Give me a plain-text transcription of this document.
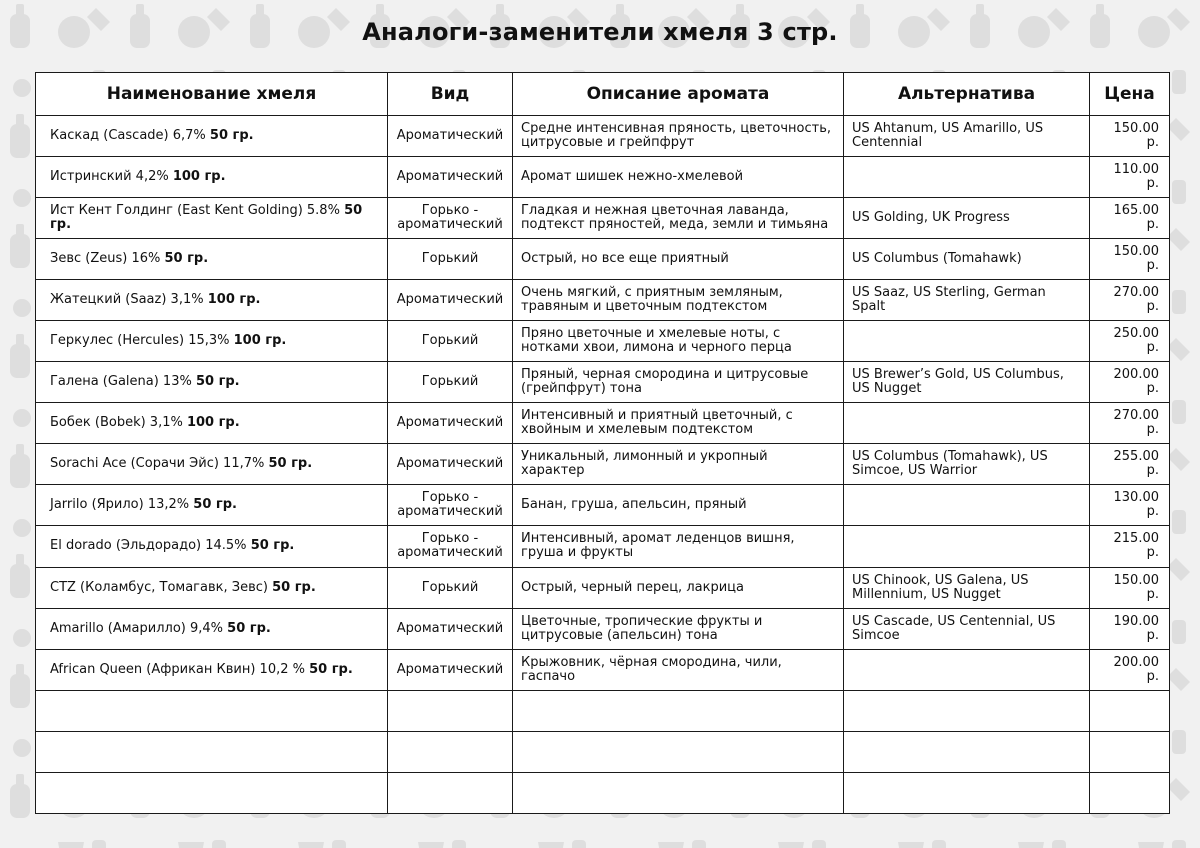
Аналоги-заменители хмеля 3 стр.
Наименование хмеля	Вид	Описание аромата	Альтернатива	Цена
Каскад (Cascade) 6,7% 50 гр.	Ароматический	Средне интенсивная пряность, цветочность, цитрусовые и грейпфрут	US Ahtanum, US Amarillo, US Centennial	150.00 р.
Истринский 4,2% 100 гр.	Ароматический	Аромат шишек нежно-хмелевой		110.00 р.
Ист Кент Голдинг (East Kent Golding) 5.8% 50 гр.	Горько - ароматический	Гладкая и нежная цветочная лаванда, подтекст пряностей, меда, земли и тимьяна	US Golding, UK Progress	165.00 р.
Зевс (Zeus) 16% 50 гр.	Горький	Острый, но все еще приятный	US Columbus (Tomahawk)	150.00 р.
Жатецкий (Saaz) 3,1% 100 гр.	Ароматический	Очень мягкий, с приятным земляным, травяным и цветочным подтекстом	US Saaz, US Sterling, German Spalt	270.00 р.
Геркулес (Hercules) 15,3% 100 гр.	Горький	Пряно цветочные и хмелевые ноты, с нотками хвои, лимона и черного перца		250.00 р.
Галена (Galena) 13% 50 гр.	Горький	Пряный, черная смородина и цитрусовые (грейпфрут) тона	US Brewer’s Gold, US Columbus, US Nugget	200.00 р.
Бобек (Bobek) 3,1% 100 гр.	Ароматический	Интенсивный и приятный цветочный, с хвойным и хмелевым подтекстом		270.00 р.
Sorachi Ace (Сорачи Эйс) 11,7% 50 гр.	Ароматический	Уникальный, лимонный и укропный характер	US Columbus (Tomahawk), US Simcoe, US Warrior	255.00 р.
Jarrilo (Ярило) 13,2% 50 гр.	Горько - ароматический	Банан, груша, апельсин, пряный		130.00 р.
El dorado (Эльдорадо) 14.5% 50 гр.	Горько - ароматический	Интенсивный, аромат леденцов вишня, груша и фрукты		215.00 р.
CTZ (Коламбус, Томагавк, Зевс) 50 гр.	Горький	Острый, черный перец, лакрица	US Chinook, US Galena, US Millennium, US Nugget	150.00 р.
Amarillo (Амарилло) 9,4% 50 гр.	Ароматический	Цветочные, тропические фрукты и цитрусовые (апельсин) тона	US Cascade, US Centennial, US Simcoe	190.00 р.
African Queen (Африкан Квин) 10,2 % 50 гр.	Ароматический	Крыжовник, чёрная смородина, чили, гаспачо		200.00 р.
